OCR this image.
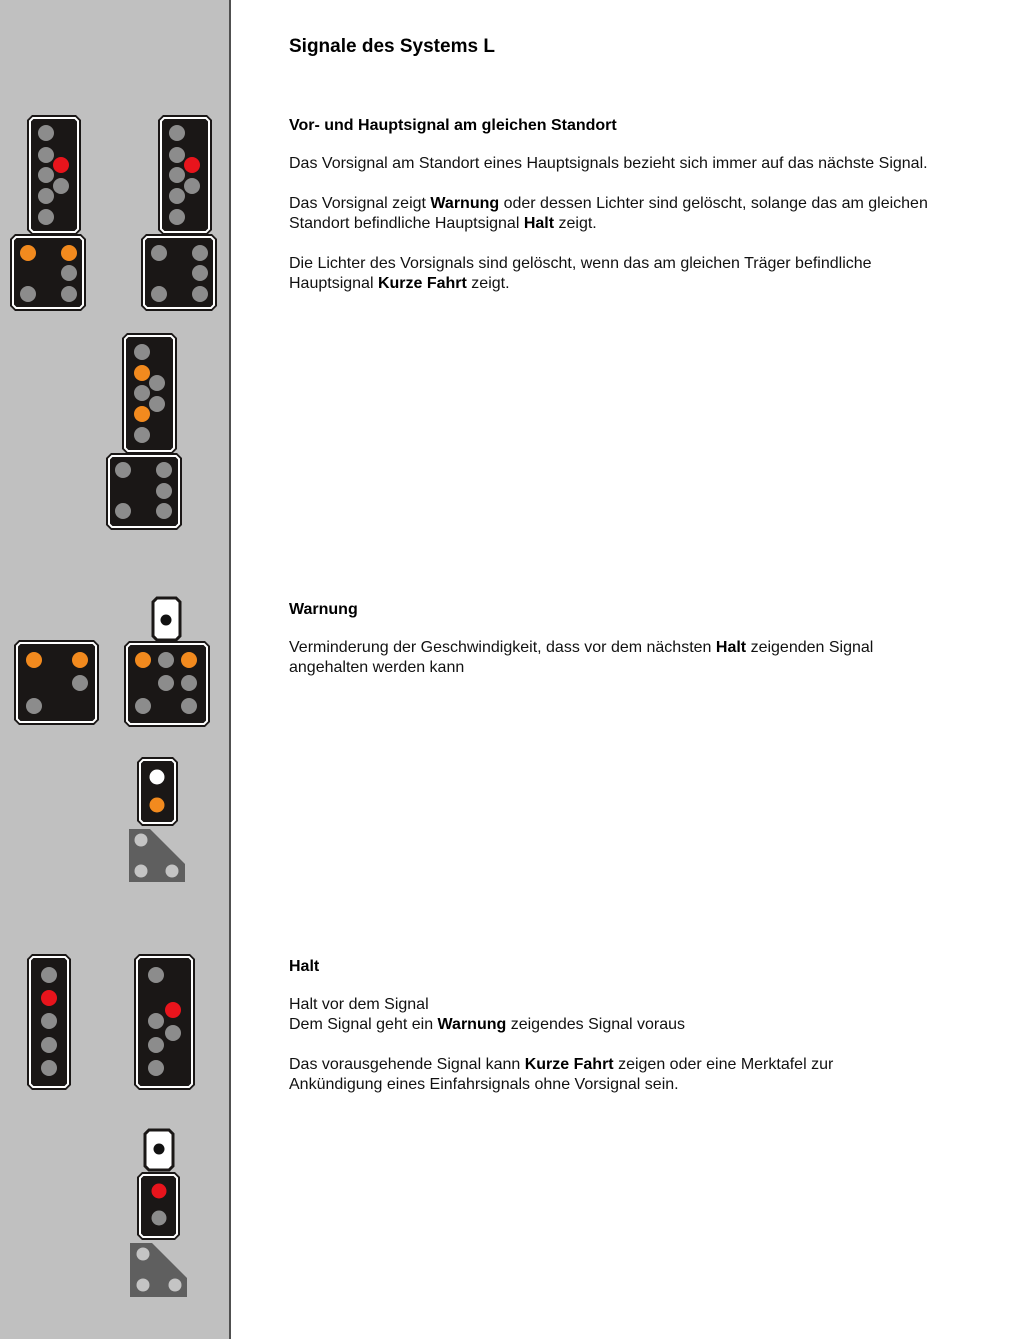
Signale des Systems L
Vor- und Hauptsignal am gleichen Standort

Das Vorsignal am Standort eines Hauptsignals bezieht sich immer auf das nächste Signal.

Das Vorsignal zeigt Warnung oder dessen Lichter sind gelöscht, solange das am gleichen Standort befindliche Hauptsignal Halt zeigt.

Die Lichter des Vorsignals sind gelöscht, wenn das am gleichen Träger befindliche Hauptsignal Kurze Fahrt zeigt.

Warnung

Verminderung der Geschwindigkeit, dass vor dem nächsten Halt zeigenden Signal angehalten werden kann

Halt

Halt vor dem Signal
Dem Signal geht ein Warnung zeigendes Signal voraus

Das vorausgehende Signal kann Kurze Fahrt zeigen oder eine Merktafel zur Ankündigung eines Einfahrsignals ohne Vorsignal sein.
